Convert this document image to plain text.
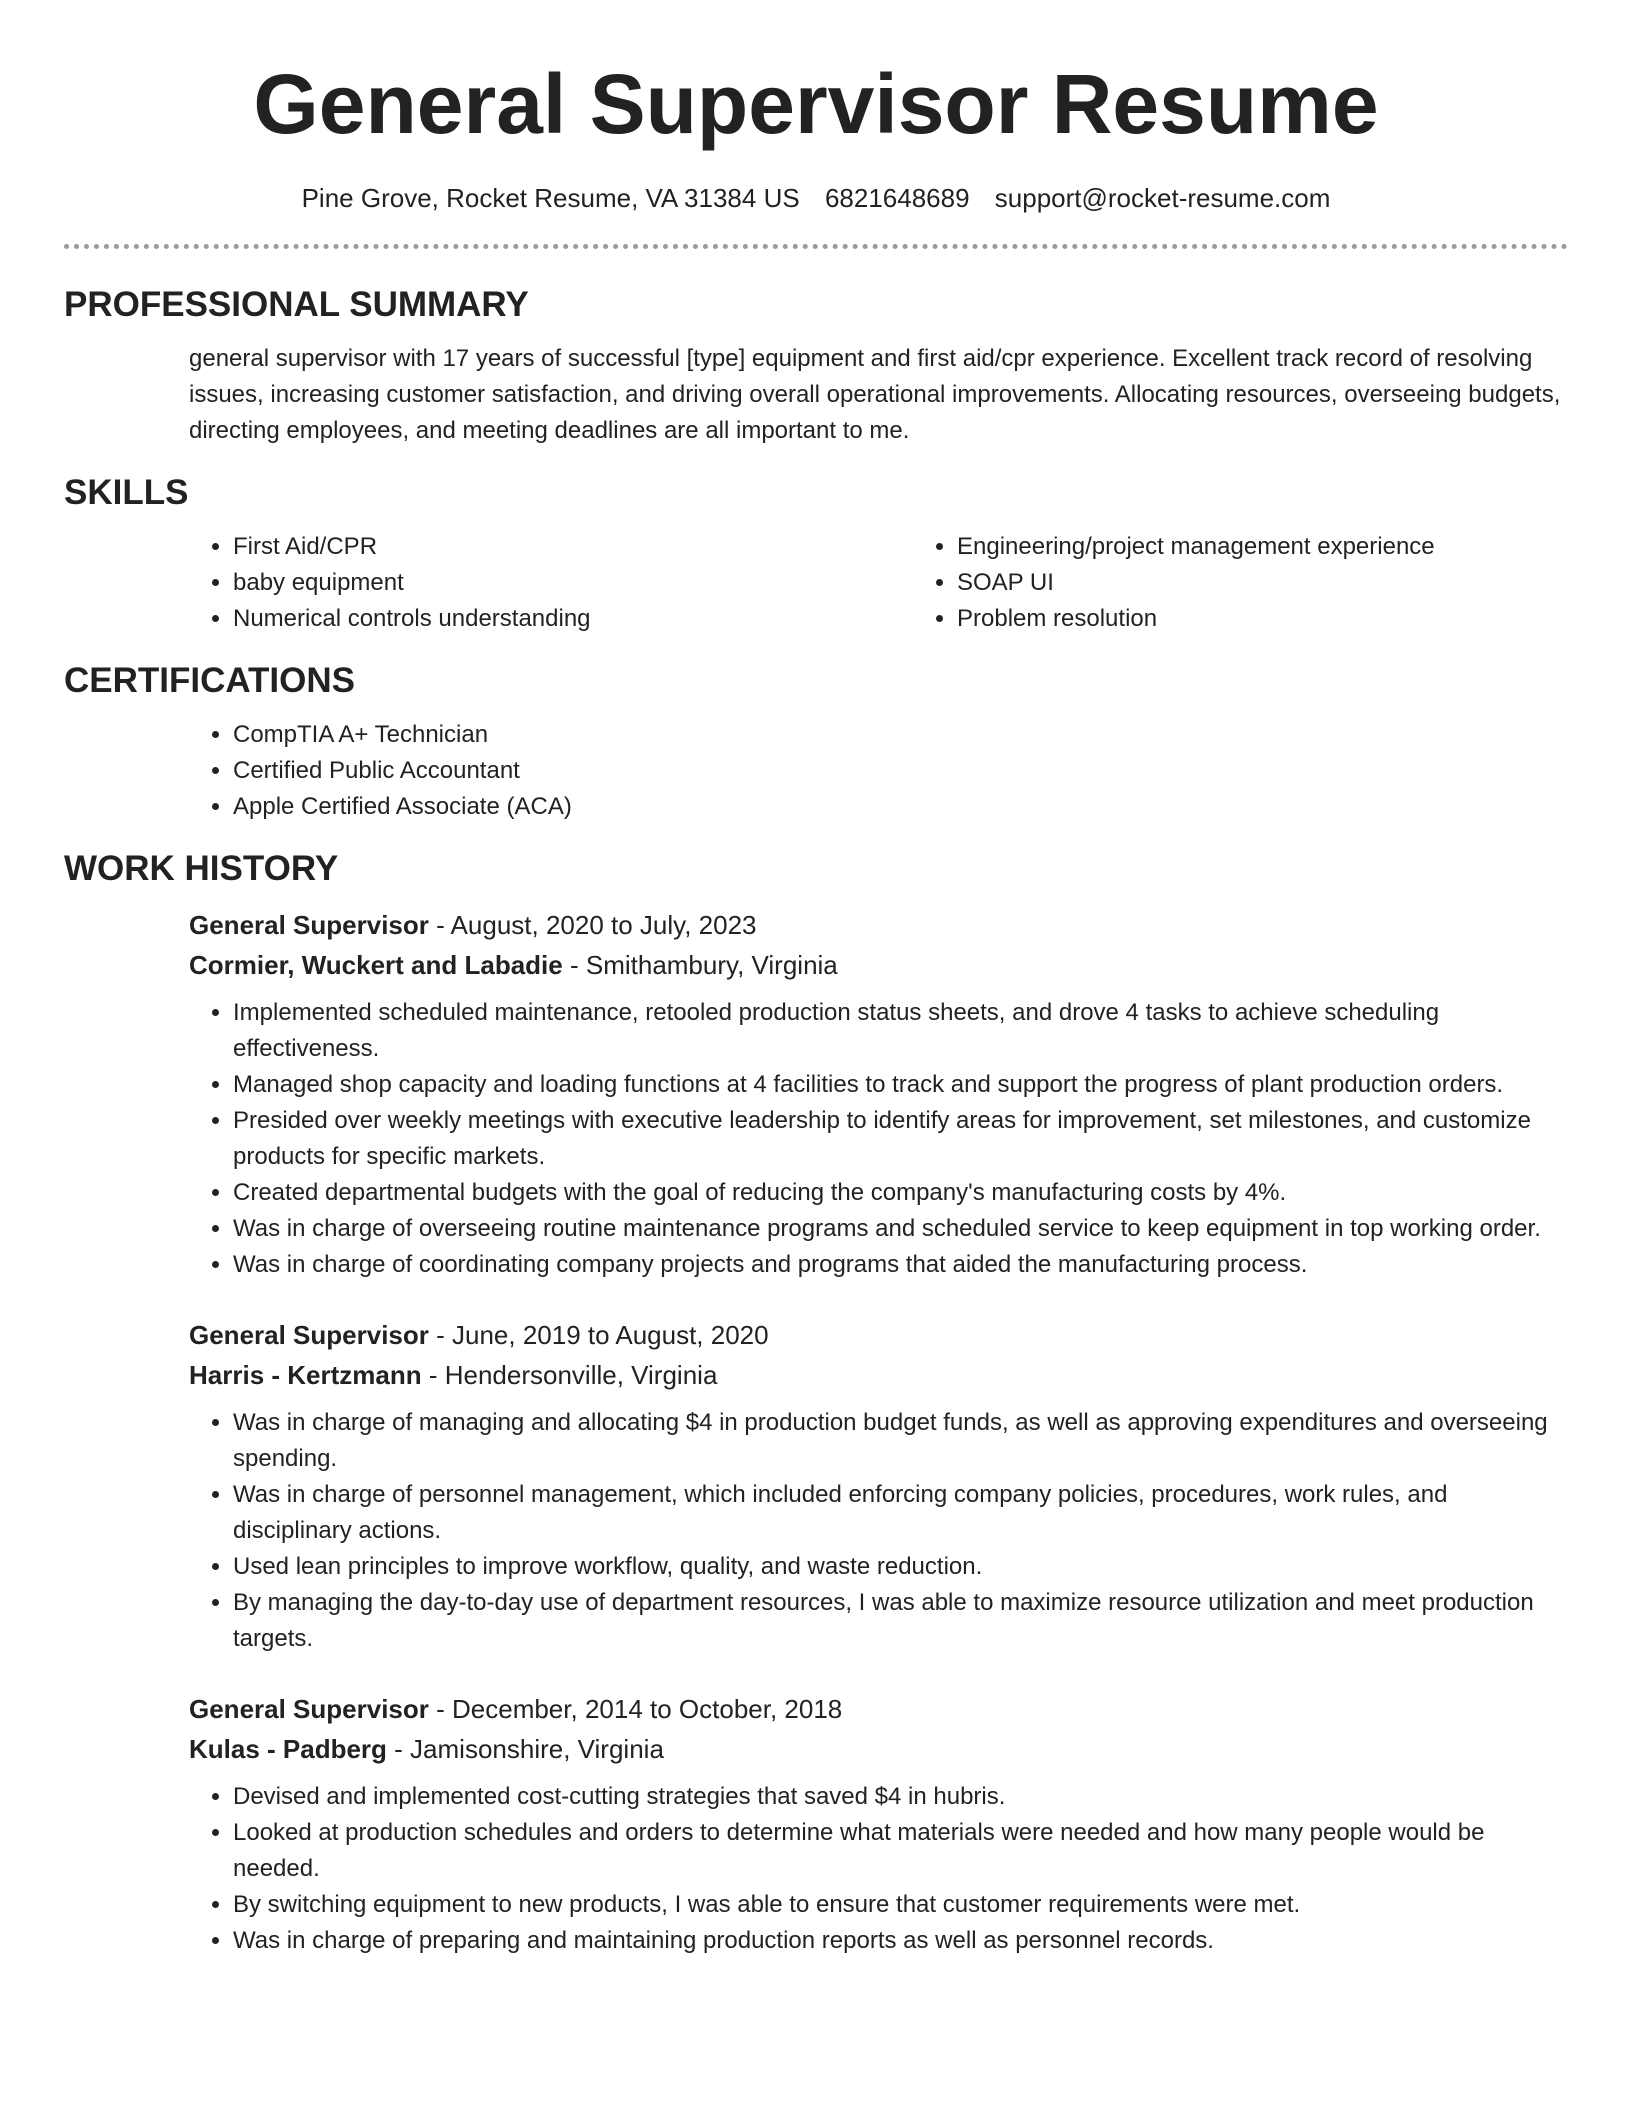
General Supervisor Resume
Pine Grove, Rocket Resume, VA 31384 US 6821648689 support@rocket-resume.com
PROFESSIONAL SUMMARY

general supervisor with 17 years of successful [type] equipment and first aid/cpr experience. Excellent track record of resolving issues, increasing customer satisfaction, and driving overall operational improvements. Allocating resources, overseeing budgets, directing employees, and meeting deadlines are all important to me.

SKILLS
• First Aid/CPR
• baby equipment
• Numerical controls understanding
• Engineering/project management experience
• SOAP UI
• Problem resolution
CERTIFICATIONS
• CompTIA A+ Technician
• Certified Public Accountant
• Apple Certified Associate (ACA)
WORK HISTORY
General Supervisor - August, 2020 to July, 2023
Cormier, Wuckert and Labadie - Smithambury, Virginia
• Implemented scheduled maintenance, retooled production status sheets, and drove 4 tasks to achieve scheduling effectiveness.
• Managed shop capacity and loading functions at 4 facilities to track and support the progress of plant production orders.
• Presided over weekly meetings with executive leadership to identify areas for improvement, set milestones, and customize products for specific markets.
• Created departmental budgets with the goal of reducing the company's manufacturing costs by 4%.
• Was in charge of overseeing routine maintenance programs and scheduled service to keep equipment in top working order.
• Was in charge of coordinating company projects and programs that aided the manufacturing process.
General Supervisor - June, 2019 to August, 2020
Harris - Kertzmann - Hendersonville, Virginia
• Was in charge of managing and allocating $4 in production budget funds, as well as approving expenditures and overseeing spending.
• Was in charge of personnel management, which included enforcing company policies, procedures, work rules, and disciplinary actions.
• Used lean principles to improve workflow, quality, and waste reduction.
• By managing the day-to-day use of department resources, I was able to maximize resource utilization and meet production targets.
General Supervisor - December, 2014 to October, 2018
Kulas - Padberg - Jamisonshire, Virginia
• Devised and implemented cost-cutting strategies that saved $4 in hubris.
• Looked at production schedules and orders to determine what materials were needed and how many people would be needed.
• By switching equipment to new products, I was able to ensure that customer requirements were met.
• Was in charge of preparing and maintaining production reports as well as personnel records.
